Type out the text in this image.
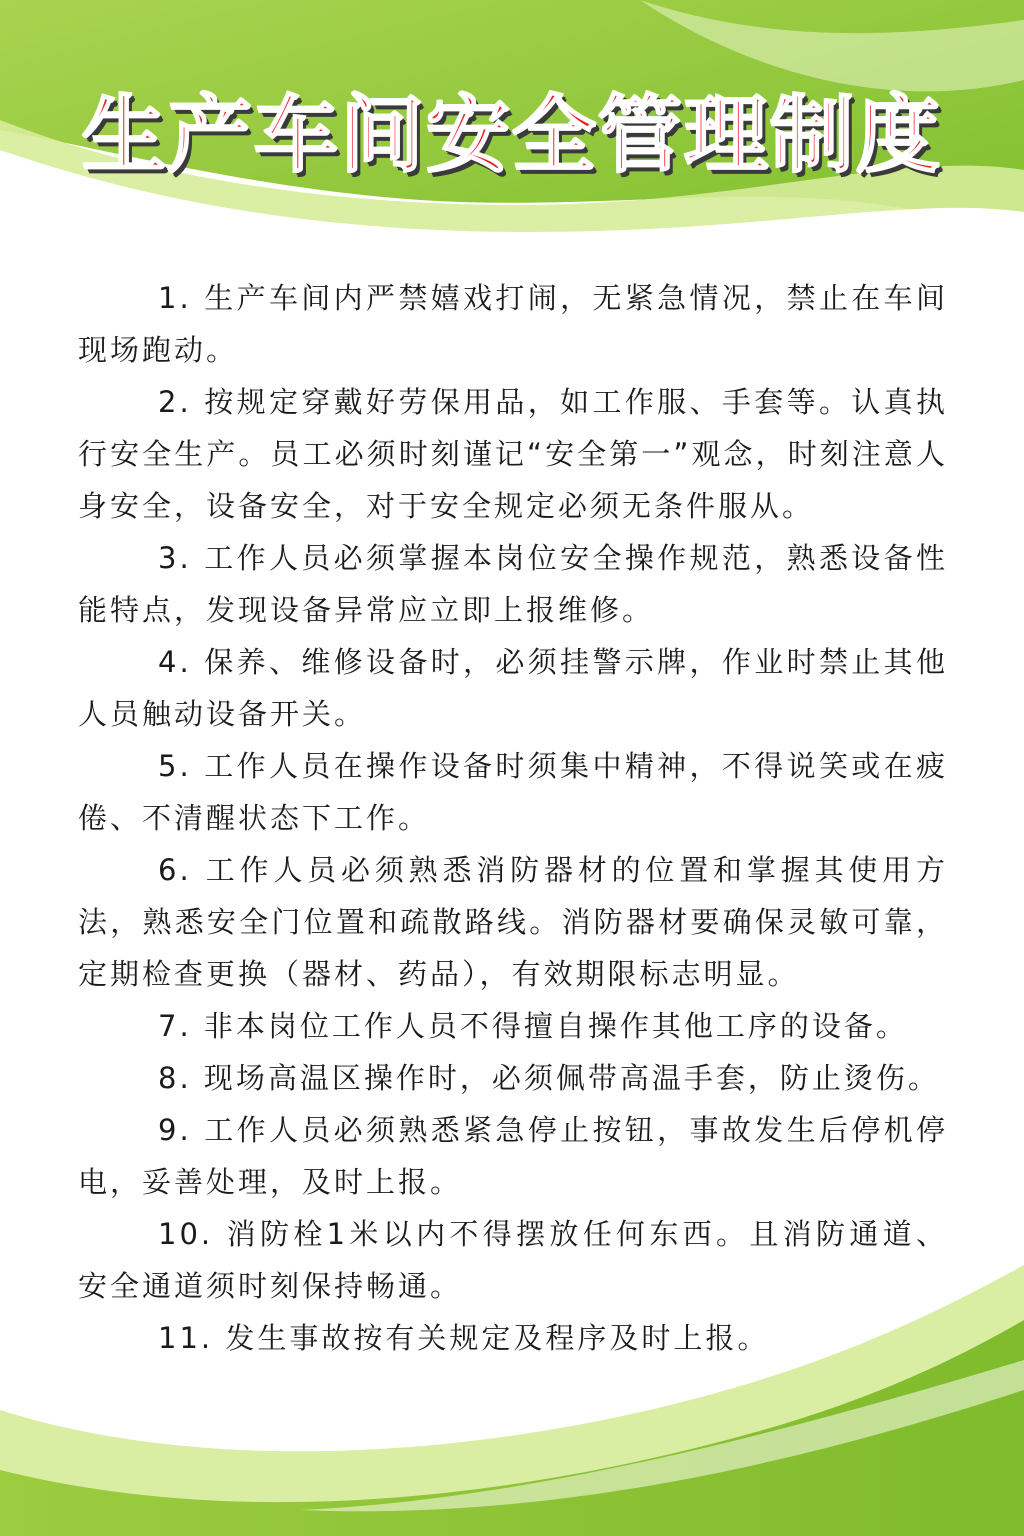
生产车间安全管理制度

1. 生产车间内严禁嬉戏打闹，无紧急情况，禁止在车间现场跑动。

2. 按规定穿戴好劳保用品，如工作服、手套等。认真执行安全生产。员工必须时刻谨记“安全第一”观念，时刻注意人身安全，设备安全，对于安全规定必须无条件服从。

3. 工作人员必须掌握本岗位安全操作规范，熟悉设备性能特点，发现设备异常应立即上报维修。

4. 保养、维修设备时，必须挂警示牌，作业时禁止其他人员触动设备开关。

5. 工作人员在操作设备时须集中精神，不得说笑或在疲倦、不清醒状态下工作。

6. 工作人员必须熟悉消防器材的位置和掌握其使用方法，熟悉安全门位置和疏散路线。消防器材要确保灵敏可靠，定期检查更换（器材、药品），有效期限标志明显。

7. 非本岗位工作人员不得擅自操作其他工序的设备。

8. 现场高温区操作时，必须佩带高温手套，防止烫伤。

9. 工作人员必须熟悉紧急停止按钮，事故发生后停机停电，妥善处理，及时上报。

10. 消防栓1米以内不得摆放任何东西。且消防通道、安全通道须时刻保持畅通。

11. 发生事故按有关规定及程序及时上报。
